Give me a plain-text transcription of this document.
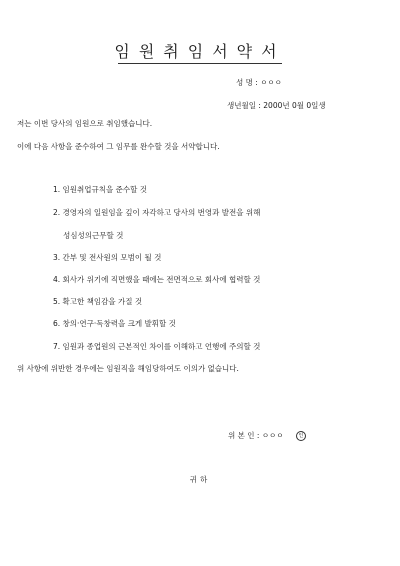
임원취임서약서
성 명 : ㅇㅇㅇ
생년월일 : 2000년 0월 0일생
저는 이번 당사의 임원으로 취임했습니다.
이에 다음 사항을 준수하여 그 임무를 완수할 것을 서약합니다.
1. 임원취업규칙을 준수할 것
2. 경영자의 일원임을 깊이 자각하고 당사의 번영과 발전을 위해
성심성의근무할 것
3. 간부 및 전사원의 모범이 될 것
4. 회사가 위기에 직면했을 때에는 전면적으로 회사에 협력할 것
5. 확고한 책임감을 가질 것
6. 창의·연구·독창력을 크게 발휘할 것
7. 임원과 종업원의 근본적인 차이를 이해하고 언행에 주의할 것
위 사항에 위반한 경우에는 임원직을 해임당하여도 이의가 없습니다.
위 본 인 : ㅇㅇㅇ	인
귀하
